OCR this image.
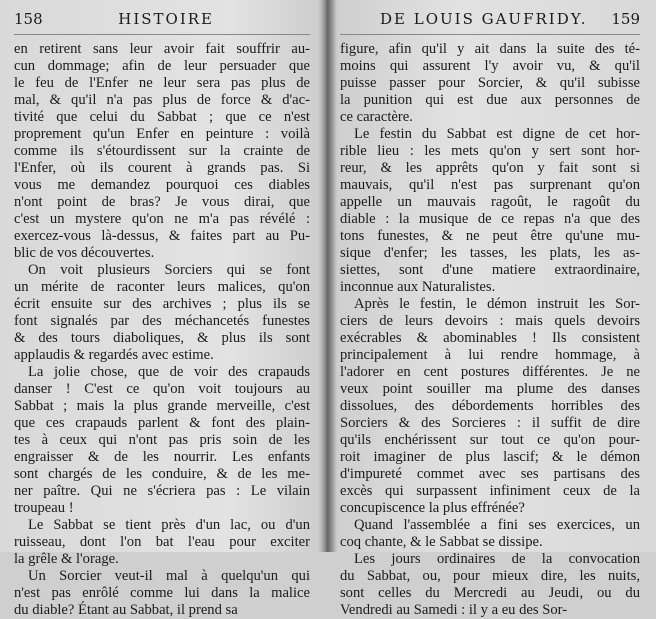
158	HISTOIRE
en retirent sans leur avoir fait souffrir au-
cun dommage; afin de leur persuader que
le feu de l'Enfer ne leur sera pas plus de
mal, & qu'il n'a pas plus de force & d'ac-
tivité que celui du Sabbat ; que ce n'est
proprement qu'un Enfer en peinture : voilà
comme ils s'étourdissent sur la crainte de
l'Enfer, où ils courent à grands pas. Si
vous me demandez pourquoi ces diables
n'ont point de bras? Je vous dirai, que
c'est un mystere qu'on ne m'a pas révélé :
exercez-vous là-dessus, & faites part au Pu-
blic de vos découvertes.
On voit plusieurs Sorciers qui se font
un mérite de raconter leurs malices, qu'on
écrit ensuite sur des archives ; plus ils se
font signalés par des méchancetés funestes
& des tours diaboliques, & plus ils sont
applaudis & regardés avec estime.
La jolie chose, que de voir des crapauds
danser ! C'est ce qu'on voit toujours au
Sabbat ; mais la plus grande merveille, c'est
que ces crapauds parlent & font des plain-
tes à ceux qui n'ont pas pris soin de les
engraisser & de les nourrir. Les enfants
sont chargés de les conduire, & de les me-
ner paître. Qui ne s'écriera pas : Le vilain
troupeau !
Le Sabbat se tient près d'un lac, ou d'un
ruisseau, dont l'on bat l'eau pour exciter
la grêle & l'orage.
Un Sorcier veut-il mal à quelqu'un qui
n'est pas enrôlé comme lui dans la malice
du diable? Étant au Sabbat, il prend sa
DE LOUIS GAUFRIDY. 159
figure, afin qu'il y ait dans la suite des té-
moins qui assurent l'y avoir vu, & qu'il
puisse passer pour Sorcier, & qu'il subisse
la punition qui est due aux personnes de
ce caractère.
Le festin du Sabbat est digne de cet hor-
rible lieu : les mets qu'on y sert sont hor-
reur, & les apprêts qu'on y fait sont si
mauvais, qu'il n'est pas surprenant qu'on
appelle un mauvais ragoût, le ragoût du
diable : la musique de ce repas n'a que des
tons funestes, & ne peut être qu'une mu-
sique d'enfer; les tasses, les plats, les as-
siettes, sont d'une matiere extraordinaire,
inconnue aux Naturalistes.
Après le festin, le démon instruit les Sor-
ciers de leurs devoirs : mais quels devoirs
exécrables & abominables ! Ils consistent
principalement à lui rendre hommage, à
l'adorer en cent postures différentes. Je ne
veux point souiller ma plume des danses
dissolues, des débordements horribles des
Sorciers & des Sorcieres : il suffit de dire
qu'ils enchérissent sur tout ce qu'on pour-
roit imaginer de plus lascif; & le démon
d'impureté commet avec ses partisans des
excès qui surpassent infiniment ceux de la
concupiscence la plus effrénée?
Quand l'assemblée a fini ses exercices, un
coq chante, & le Sabbat se dissipe.
Les jours ordinaires de la convocation
du Sabbat, ou, pour mieux dire, les nuits,
sont celles du Mercredi au Jeudi, ou du
Vendredi au Samedi : il y a eu des Sor-
